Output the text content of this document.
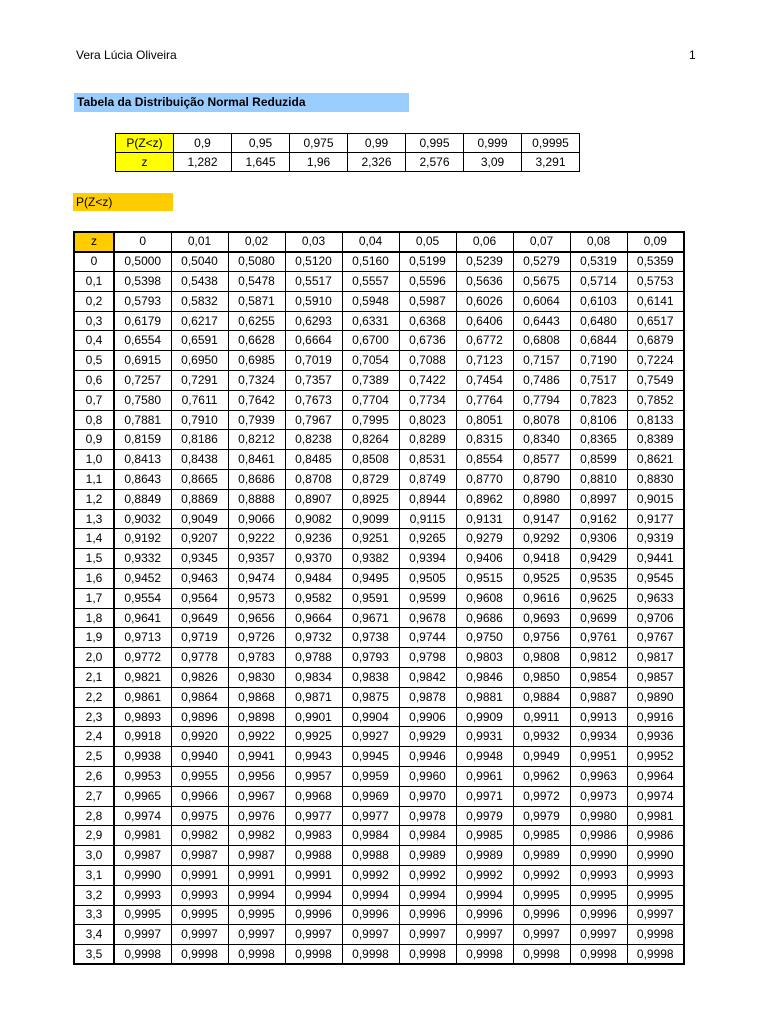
Vera Lúcia Oliveira	1
Tabela da Distribuição Normal Reduzida
P(Z<z)	0,9	0,95	0,975	0,99	0,995	0,999	0,9995
z	1,282	1,645	1,96	2,326	2,576	3,09	3,291
P(Z<z)
z	0	0,01	0,02	0,03	0,04	0,05	0,06	0,07	0,08	0,09
0	0,5000	0,5040	0,5080	0,5120	0,5160	0,5199	0,5239	0,5279	0,5319	0,5359
0,1	0,5398	0,5438	0,5478	0,5517	0,5557	0,5596	0,5636	0,5675	0,5714	0,5753
0,2	0,5793	0,5832	0,5871	0,5910	0,5948	0,5987	0,6026	0,6064	0,6103	0,6141
0,3	0,6179	0,6217	0,6255	0,6293	0,6331	0,6368	0,6406	0,6443	0,6480	0,6517
0,4	0,6554	0,6591	0,6628	0,6664	0,6700	0,6736	0,6772	0,6808	0,6844	0,6879
0,5	0,6915	0,6950	0,6985	0,7019	0,7054	0,7088	0,7123	0,7157	0,7190	0,7224
0,6	0,7257	0,7291	0,7324	0,7357	0,7389	0,7422	0,7454	0,7486	0,7517	0,7549
0,7	0,7580	0,7611	0,7642	0,7673	0,7704	0,7734	0,7764	0,7794	0,7823	0,7852
0,8	0,7881	0,7910	0,7939	0,7967	0,7995	0,8023	0,8051	0,8078	0,8106	0,8133
0,9	0,8159	0,8186	0,8212	0,8238	0,8264	0,8289	0,8315	0,8340	0,8365	0,8389
1,0	0,8413	0,8438	0,8461	0,8485	0,8508	0,8531	0,8554	0,8577	0,8599	0,8621
1,1	0,8643	0,8665	0,8686	0,8708	0,8729	0,8749	0,8770	0,8790	0,8810	0,8830
1,2	0,8849	0,8869	0,8888	0,8907	0,8925	0,8944	0,8962	0,8980	0,8997	0,9015
1,3	0,9032	0,9049	0,9066	0,9082	0,9099	0,9115	0,9131	0,9147	0,9162	0,9177
1,4	0,9192	0,9207	0,9222	0,9236	0,9251	0,9265	0,9279	0,9292	0,9306	0,9319
1,5	0,9332	0,9345	0,9357	0,9370	0,9382	0,9394	0,9406	0,9418	0,9429	0,9441
1,6	0,9452	0,9463	0,9474	0,9484	0,9495	0,9505	0,9515	0,9525	0,9535	0,9545
1,7	0,9554	0,9564	0,9573	0,9582	0,9591	0,9599	0,9608	0,9616	0,9625	0,9633
1,8	0,9641	0,9649	0,9656	0,9664	0,9671	0,9678	0,9686	0,9693	0,9699	0,9706
1,9	0,9713	0,9719	0,9726	0,9732	0,9738	0,9744	0,9750	0,9756	0,9761	0,9767
2,0	0,9772	0,9778	0,9783	0,9788	0,9793	0,9798	0,9803	0,9808	0,9812	0,9817
2,1	0,9821	0,9826	0,9830	0,9834	0,9838	0,9842	0,9846	0,9850	0,9854	0,9857
2,2	0,9861	0,9864	0,9868	0,9871	0,9875	0,9878	0,9881	0,9884	0,9887	0,9890
2,3	0,9893	0,9896	0,9898	0,9901	0,9904	0,9906	0,9909	0,9911	0,9913	0,9916
2,4	0,9918	0,9920	0,9922	0,9925	0,9927	0,9929	0,9931	0,9932	0,9934	0,9936
2,5	0,9938	0,9940	0,9941	0,9943	0,9945	0,9946	0,9948	0,9949	0,9951	0,9952
2,6	0,9953	0,9955	0,9956	0,9957	0,9959	0,9960	0,9961	0,9962	0,9963	0,9964
2,7	0,9965	0,9966	0,9967	0,9968	0,9969	0,9970	0,9971	0,9972	0,9973	0,9974
2,8	0,9974	0,9975	0,9976	0,9977	0,9977	0,9978	0,9979	0,9979	0,9980	0,9981
2,9	0,9981	0,9982	0,9982	0,9983	0,9984	0,9984	0,9985	0,9985	0,9986	0,9986
3,0	0,9987	0,9987	0,9987	0,9988	0,9988	0,9989	0,9989	0,9989	0,9990	0,9990
3,1	0,9990	0,9991	0,9991	0,9991	0,9992	0,9992	0,9992	0,9992	0,9993	0,9993
3,2	0,9993	0,9993	0,9994	0,9994	0,9994	0,9994	0,9994	0,9995	0,9995	0,9995
3,3	0,9995	0,9995	0,9995	0,9996	0,9996	0,9996	0,9996	0,9996	0,9996	0,9997
3,4	0,9997	0,9997	0,9997	0,9997	0,9997	0,9997	0,9997	0,9997	0,9997	0,9998
3,5	0,9998	0,9998	0,9998	0,9998	0,9998	0,9998	0,9998	0,9998	0,9998	0,9998
